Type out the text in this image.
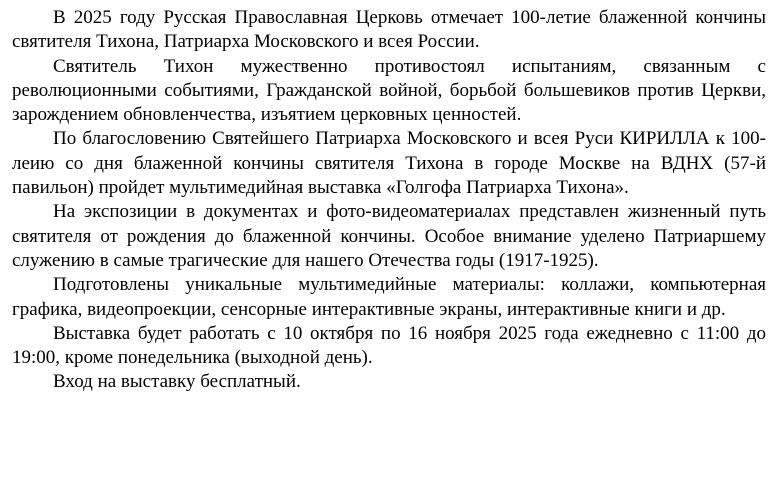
В 2025 году Русская Православная Церковь отмечает 100-летие блаженной кончины святителя Тихона, Патриарха Московского и всея России.

Святитель Тихон мужественно противостоял испытаниям, связанным с революционными событиями, Гражданской войной, борьбой большевиков против Церкви, зарождением обновленчества, изъятием церковных ценностей.

По благословению Святейшего Патриарха Московского и всея Руси КИРИЛЛА к 100-леию со дня блаженной кончины святителя Тихона в городе Москве на ВДНХ (57-й павильон) пройдет мультимедийная выставка «Голгофа Патриарха Тихона».

На экспозиции в документах и фото-видеоматериалах представлен жизненный путь святителя от рождения до блаженной кончины. Особое внимание уделено Патриаршему служению в самые трагические для нашего Отечества годы (1917-1925).

Подготовлены уникальные мультимедийные материалы: коллажи, компьютерная графика, видеопроекции, сенсорные интерактивные экраны, интерактивные книги и др.

Выставка будет работать с 10 октября по 16 ноября 2025 года ежедневно с 11:00 до 19:00, кроме понедельника (выходной день).

Вход на выставку бесплатный.
